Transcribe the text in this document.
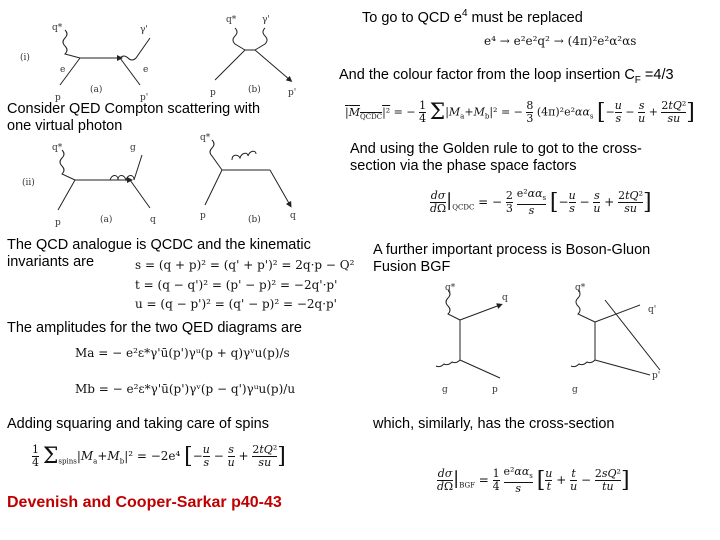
To go to QCD $e^4$ must be replaced
And the colour factor from the loop insertion $C_F =4/3$
Consider QED Compton scattering with
one virtual photon
And using the Golden rule to got to the cross-
section via the phase space factors
The QCD analogue is QCDC and the kinematic
invariants are
A further important process is Boson-Gluon
Fusion BGF
The amplitudes for the two QED diagrams are
Adding squaring and taking care of spins	which, similarly, has the cross-section
Devenish and Cooper-Sarkar p40-43
e⁴ → e²e²q² → (4π)²e²α²αs
$|M_{QCDC}|^2$ = − $\frac{1}{4} \Sigma|M_a+M_b|^2$ = − $\frac{8}{3} (4\pi)^2e^2\alpha\alpha_s$ [− $\frac{u}{s} - \frac{s}{u} + \frac{\text{2tQ²}}{su}$ ]
$\frac{d\sigma}{d\Omega} |_{QCDC}$ = − $\frac{2}{3}$
$\frac{e^2\alpha\alpha_s}{s}$ [− $\frac{u}{s} - \frac{s}{u} + \frac{\text{2tQ²}}{su}$ ]
s = (q + p)² = (q' + p')² = 2q·p − Q²
t = (q − q')² = (p' − p)² = −2q'·p'
u = (q − p')² = (q' − p)² = −2q·p'
Ma = − e²ε*γ'ū(p')γᵘ(p + q)γᵛu(p)/s
Mb = − e²ε*γ'ū(p')γᵛ(p − q')γᵘu(p)/u
$\frac{1}{4} \Sigma_{spins}|M_a+M_b|^2 = -2e^4$ [− $\frac{u}{s} - \frac{s}{u} + \frac{\text{2tQ²}}{su}$ ]
$\frac{d\sigma}{d\Omega} |_{BGF} = \frac{1}{4}$
$\frac{e^2\alpha\alpha_s}{s}$ [ $\frac{u}{t} + \frac{t}{u} - \frac{\text{2sQ²}}{tu}$ ]
(i)
q*	γ'
p	p'
e	e
(a)
q*	γ'
p	p'
(b)
(ii)
q*	g
p	q
(a)
q*
p	q
(b)
q*
q
g	p
q*
q'
g
p'
